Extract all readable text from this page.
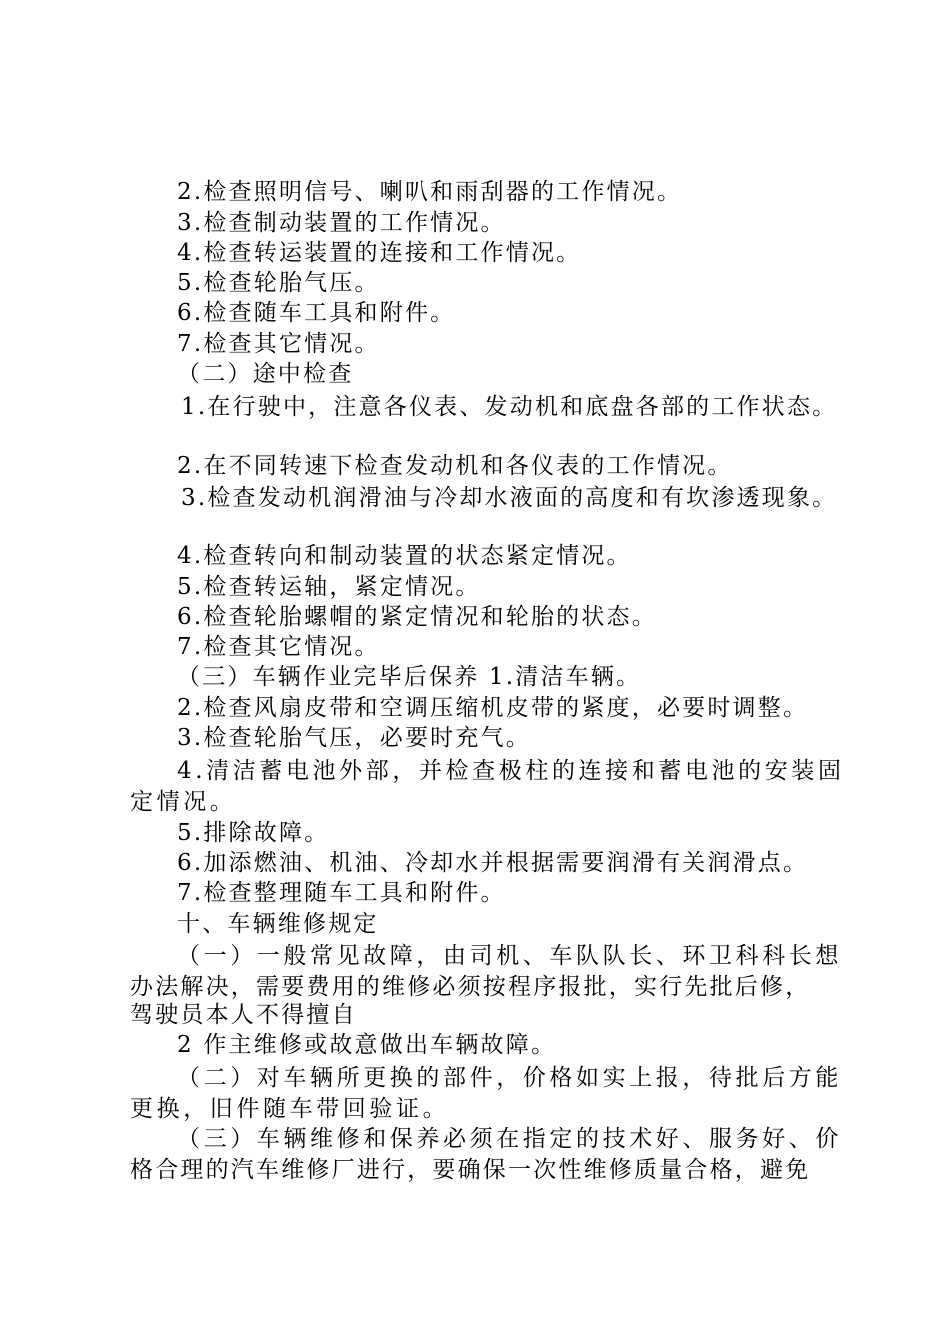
2.检查照明信号、喇叭和雨刮器的工作情况。
3.检查制动装置的工作情况。
4.检查转运装置的连接和工作情况。
5.检查轮胎气压。
6.检查随车工具和附件。
7.检查其它情况。
（二）途中检查
1.在行驶中，注意各仪表、发动机和底盘各部的工作状态。
2.在不同转速下检查发动机和各仪表的工作情况。
3.检查发动机润滑油与冷却水液面的高度和有坎渗透现象。
4.检查转向和制动装置的状态紧定情况。
5.检查转运轴，紧定情况。
6.检查轮胎螺帽的紧定情况和轮胎的状态。
7.检查其它情况。
（三）车辆作业完毕后保养 1.清洁车辆。
2.检查风扇皮带和空调压缩机皮带的紧度，必要时调整。
3.检查轮胎气压，必要时充气。
4.清洁蓄电池外部，并检查极柱的连接和蓄电池的安装固
定情况。
5.排除故障。
6.加添燃油、机油、冷却水并根据需要润滑有关润滑点。
7.检查整理随车工具和附件。
十、车辆维修规定
（一）一般常见故障，由司机、车队队长、环卫科科长想
办法解决，需要费用的维修必须按程序报批，实行先批后修，
驾驶员本人不得擅自
2 作主维修或故意做出车辆故障。
（二）对车辆所更换的部件，价格如实上报，待批后方能
更换，旧件随车带回验证。
（三）车辆维修和保养必须在指定的技术好、服务好、价
格合理的汽车维修厂进行，要确保一次性维修质量合格，避免
